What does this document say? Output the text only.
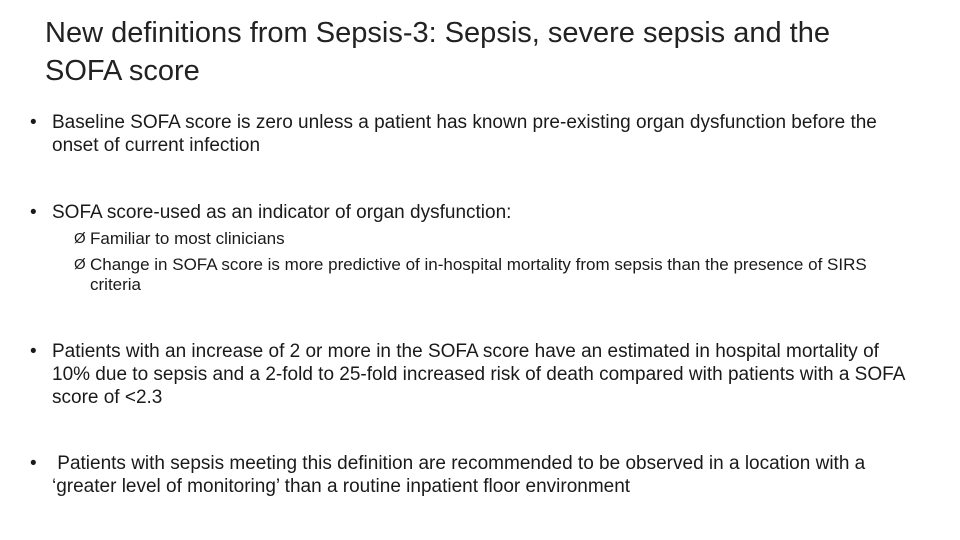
New definitions from Sepsis-3: Sepsis, severe sepsis and the SOFA score
• Baseline SOFA score is zero unless a patient has known pre-existing organ dysfunction before the onset of current infection
• SOFA score-used as an indicator of organ dysfunction:
Ø Familiar to most clinicians
Ø Change in SOFA score is more predictive of in-hospital mortality from sepsis than the presence of SIRS criteria
• Patients with an increase of 2 or more in the SOFA score have an estimated in hospital mortality of 10% due to sepsis and a 2-fold to 25-fold increased risk of death compared with patients with a SOFA score of <2.3
• Patients with sepsis meeting this definition are recommended to be observed in a location with a ‘greater level of monitoring’ than a routine inpatient floor environment
